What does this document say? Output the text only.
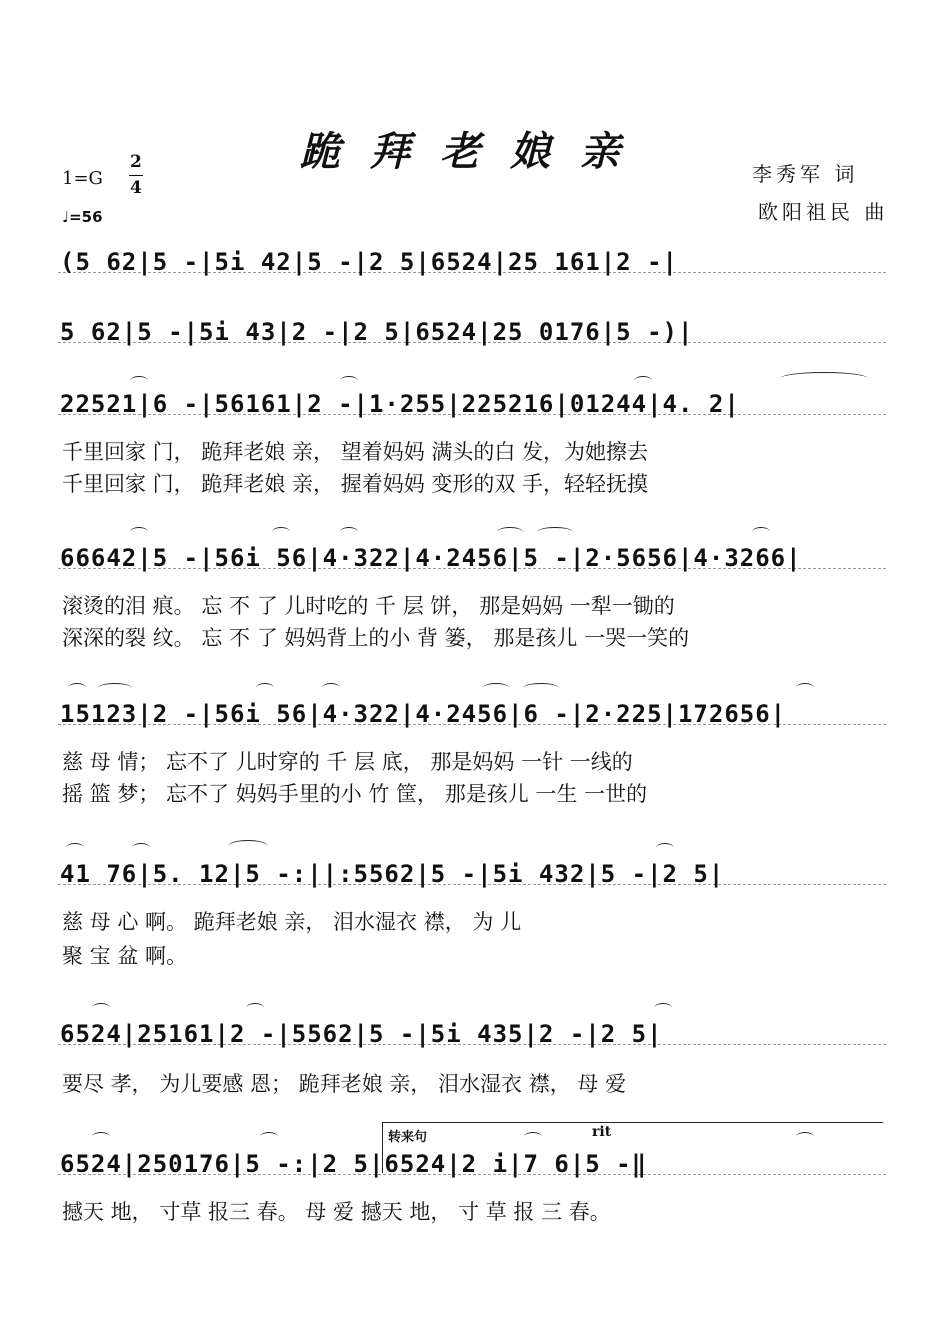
跪拜老娘亲	李秀军 词
欧阳祖民 曲
1=G
2
4
♩=56
转来句	rit
(5 62|5 -|5i 42|5 -|2 5|6524|25 161|2 -|
5 62|5 -|5i 43|2 -|2 5|6524|25 0176|5 -)|
22521|6 -|56161|2 -|1·255|225216|01244|4. 2|
千里回家 门， 跪拜老娘 亲， 望着妈妈 满头的白 发，为她擦去
千里回家 门， 跪拜老娘 亲， 握着妈妈 变形的双 手，轻轻抚摸
66642|5 -|56i 56|4·322|4·2456|5 -|2·5656|4·3266|
滚烫的泪 痕。 忘 不 了 儿时吃的 千 层 饼， 那是妈妈 一犁一锄的
深深的裂 纹。 忘 不 了 妈妈背上的小 背 篓， 那是孩儿 一哭一笑的
15123|2 -|56i 56|4·322|4·2456|6 -|2·225|172656|
慈 母 情； 忘不了 儿时穿的 千 层 底， 那是妈妈 一针 一线的
摇 篮 梦； 忘不了 妈妈手里的小 竹 筐， 那是孩儿 一生 一世的
41 76|5. 12|5 -:||:5562|5 -|5i 432|5 -|2 5|
慈 母 心 啊。 跪拜老娘 亲， 泪水湿衣 襟， 为 儿
聚 宝 盆 啊。
6524|25161|2 -|5562|5 -|5i 435|2 -|2 5|
要尽 孝， 为儿要感 恩； 跪拜老娘 亲， 泪水湿衣 襟， 母 爱
6524|250176|5 -:|2 5|6524|2 i|7 6|5 -‖
撼天 地， 寸草 报三 春。 母 爱 撼天 地， 寸 草 报 三 春。
